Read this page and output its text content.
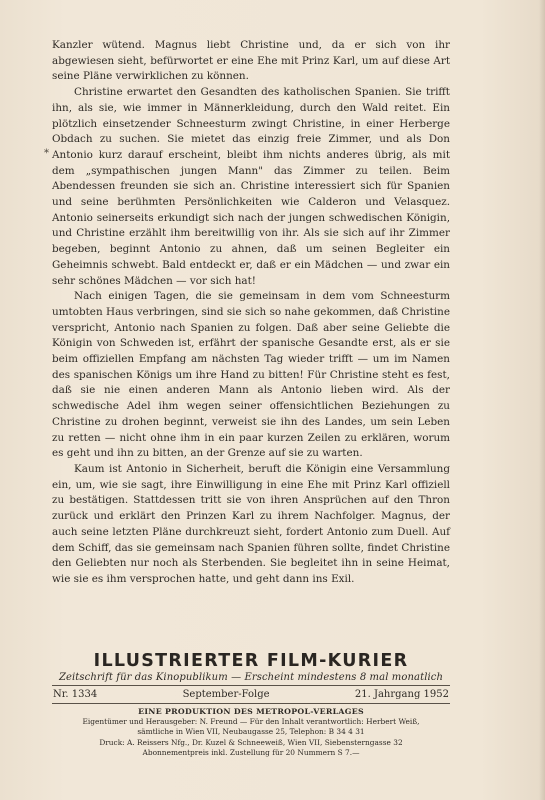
*

Kanzler wütend. Magnus liebt Christine und, da er sich von ihr abgewiesen sieht, befürwortet er eine Ehe mit Prinz Karl, um auf diese Art seine Pläne verwirklichen zu können.

Christine erwartet den Gesandten des katholischen Spanien. Sie trifft ihn, als sie, wie immer in Männerkleidung, durch den Wald reitet. Ein plötzlich einsetzender Schneesturm zwingt Christine, in einer Herberge Obdach zu suchen. Sie mietet das einzig freie Zimmer, und als Don Antonio kurz darauf erscheint, bleibt ihm nichts anderes übrig, als mit dem „sympathischen jungen Mann" das Zimmer zu teilen. Beim Abendessen freunden sie sich an. Christine interessiert sich für Spanien und seine berühmten Persönlichkeiten wie Calderon und Velasquez. Antonio seinerseits erkundigt sich nach der jungen schwedischen Königin, und Christine erzählt ihm bereitwillig von ihr. Als sie sich auf ihr Zimmer begeben, beginnt Antonio zu ahnen, daß um seinen Begleiter ein Geheimnis schwebt. Bald entdeckt er, daß er ein Mädchen — und zwar ein sehr schönes Mädchen — vor sich hat!

Nach einigen Tagen, die sie gemeinsam in dem vom Schneesturm umtobten Haus verbringen, sind sie sich so nahe gekommen, daß Christine verspricht, Antonio nach Spanien zu folgen. Daß aber seine Geliebte die Königin von Schweden ist, erfährt der spanische Gesandte erst, als er sie beim offiziellen Empfang am nächsten Tag wieder trifft — um im Namen des spanischen Königs um ihre Hand zu bitten! Für Christine steht es fest, daß sie nie einen anderen Mann als Antonio lieben wird. Als der schwedische Adel ihm wegen seiner offensichtlichen Beziehungen zu Christine zu drohen beginnt, verweist sie ihn des Landes, um sein Leben zu retten — nicht ohne ihm in ein paar kurzen Zeilen zu erklären, worum es geht und ihn zu bitten, an der Grenze auf sie zu warten.

Kaum ist Antonio in Sicherheit, beruft die Königin eine Versammlung ein, um, wie sie sagt, ihre Einwilligung in eine Ehe mit Prinz Karl offiziell zu bestätigen. Stattdessen tritt sie von ihren Ansprüchen auf den Thron zurück und erklärt den Prinzen Karl zu ihrem Nachfolger. Magnus, der auch seine letzten Pläne durchkreuzt sieht, fordert Antonio zum Duell. Auf dem Schiff, das sie gemeinsam nach Spanien führen sollte, findet Christine den Geliebten nur noch als Sterbenden. Sie begleitet ihn in seine Heimat, wie sie es ihm versprochen hatte, und geht dann ins Exil.

ILLUSTRIERTER FILM-KURIER
Zeitschrift für das Kinopublikum — Erscheint mindestens 8 mal monatlich
Nr. 1334	September-Folge	21. Jahrgang 1952
EINE PRODUKTION DES METROPOL-VERLAGES
Eigentümer und Herausgeber: N. Freund — Für den Inhalt verantwortlich: Herbert Weiß,
sämtliche in Wien VII, Neubaugasse 25, Telephon: B 34 4 31
Druck: A. Reissers Nfg., Dr. Kuzel & Schneeweiß, Wien VII, Siebensterngasse 32
Abonnementpreis inkl. Zustellung für 20 Nummern S 7.—
